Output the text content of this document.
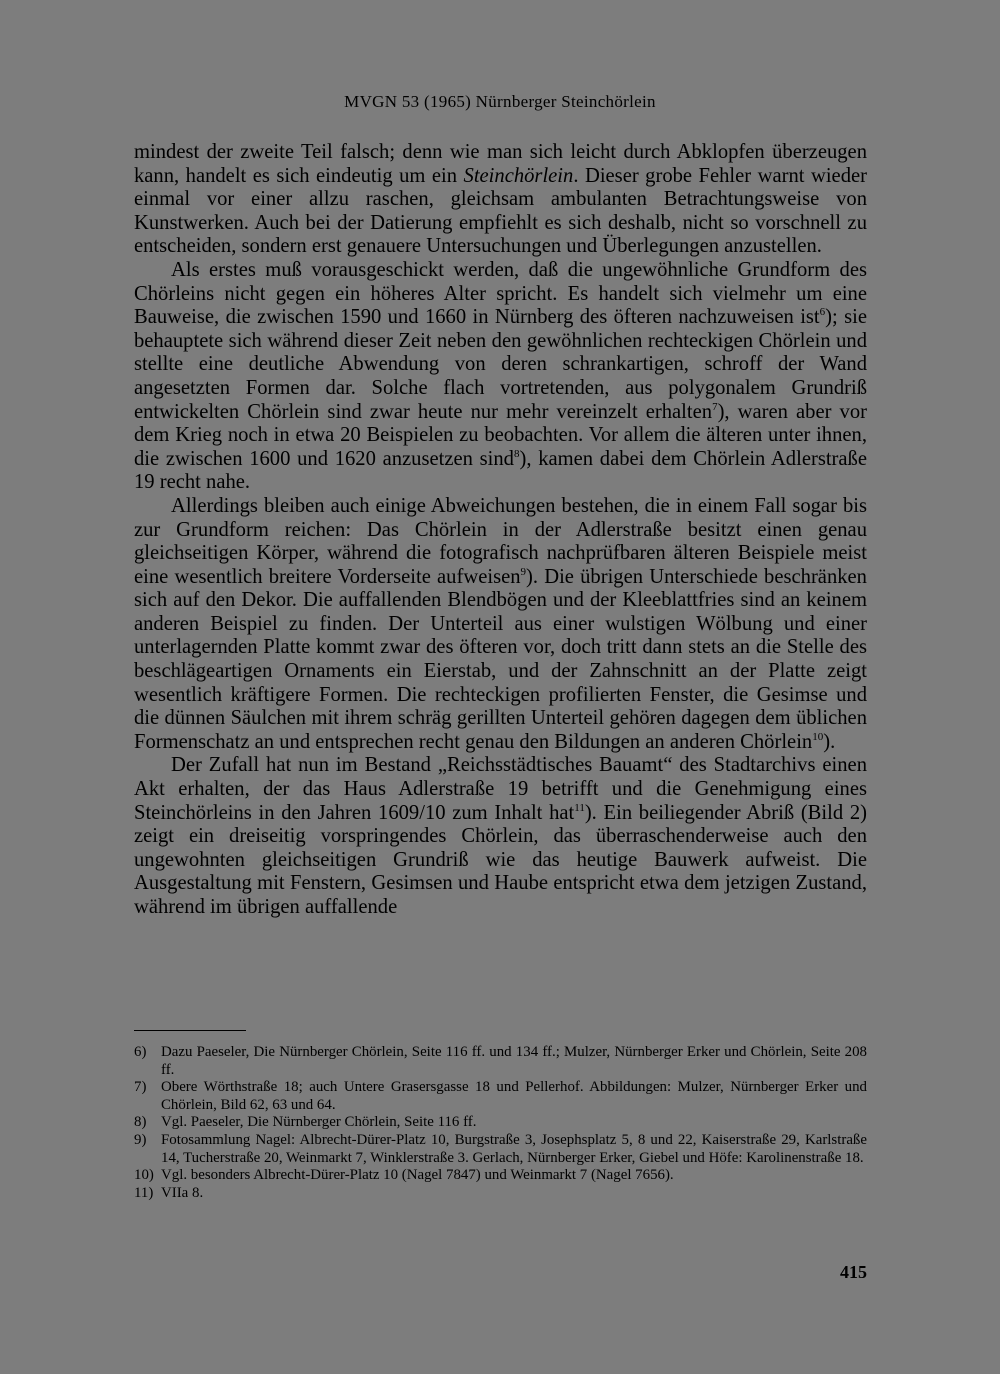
MVGN 53 (1965) Nürnberger Steinchörlein

mindest der zweite Teil falsch; denn wie man sich leicht durch Abklopfen überzeugen kann, handelt es sich eindeutig um ein Steinchörlein. Dieser grobe Fehler warnt wieder einmal vor einer allzu raschen, gleichsam ambulanten Betrachtungsweise von Kunstwerken. Auch bei der Datierung empfiehlt es sich deshalb, nicht so vorschnell zu entscheiden, sondern erst genauere Untersuchungen und Überlegungen anzustellen.

Als erstes muß vorausgeschickt werden, daß die ungewöhnliche Grundform des Chörleins nicht gegen ein höheres Alter spricht. Es handelt sich vielmehr um eine Bauweise, die zwischen 1590 und 1660 in Nürnberg des öfteren nachzuweisen ist$^6$); sie behauptete sich während dieser Zeit neben den gewöhnlichen rechteckigen Chörlein und stellte eine deutliche Abwendung von deren schrankartigen, schroff der Wand angesetzten Formen dar. Solche flach vortretenden, aus polygonalem Grundriß entwickelten Chörlein sind zwar heute nur mehr vereinzelt erhalten$^7$), waren aber vor dem Krieg noch in etwa 20 Beispielen zu beobachten. Vor allem die älteren unter ihnen, die zwischen 1600 und 1620 anzusetzen sind$^8$), kamen dabei dem Chörlein Adlerstraße 19 recht nahe.

Allerdings bleiben auch einige Abweichungen bestehen, die in einem Fall sogar bis zur Grundform reichen: Das Chörlein in der Adlerstraße besitzt einen genau gleichseitigen Körper, während die fotografisch nachprüfbaren älteren Beispiele meist eine wesentlich breitere Vorderseite aufweisen$^9$). Die übrigen Unterschiede beschränken sich auf den Dekor. Die auffallenden Blendbögen und der Kleeblattfries sind an keinem anderen Beispiel zu finden. Der Unterteil aus einer wulstigen Wölbung und einer unterlagernden Platte kommt zwar des öfteren vor, doch tritt dann stets an die Stelle des beschlägeartigen Ornaments ein Eierstab, und der Zahnschnitt an der Platte zeigt wesentlich kräftigere Formen. Die rechteckigen profilierten Fenster, die Gesimse und die dünnen Säulchen mit ihrem schräg gerillten Unterteil gehören dagegen dem üblichen Formenschatz an und entsprechen recht genau den Bildungen an anderen Chörlein$^{10}$).

Der Zufall hat nun im Bestand „Reichsstädtisches Bauamt“ des Stadtarchivs einen Akt erhalten, der das Haus Adlerstraße 19 betrifft und die Genehmigung eines Steinchörleins in den Jahren 1609/10 zum Inhalt hat$^{11}$). Ein beiliegender Abriß (Bild 2) zeigt ein dreiseitig vorspringendes Chörlein, das überraschenderweise auch den ungewohnten gleichseitigen Grundriß wie das heutige Bauwerk aufweist. Die Ausgestaltung mit Fenstern, Gesimsen und Haube entspricht etwa dem jetzigen Zustand, während im übrigen auffallende

6) Dazu Paeseler, Die Nürnberger Chörlein, Seite 116 ff. und 134 ff.; Mulzer, Nürnberger Erker und Chörlein, Seite 208 ff.
7) Obere Wörthstraße 18; auch Untere Grasersgasse 18 und Pellerhof. Abbildungen: Mulzer, Nürnberger Erker und Chörlein, Bild 62, 63 und 64.
8) Vgl. Paeseler, Die Nürnberger Chörlein, Seite 116 ff.
9) Fotosammlung Nagel: Albrecht-Dürer-Platz 10, Burgstraße 3, Josephsplatz 5, 8 und 22, Kaiserstraße 29, Karlstraße 14, Tucherstraße 20, Weinmarkt 7, Winklerstraße 3. Gerlach, Nürnberger Erker, Giebel und Höfe: Karolinenstraße 18.
10) Vgl. besonders Albrecht-Dürer-Platz 10 (Nagel 7847) und Weinmarkt 7 (Nagel 7656).
11) VIIa 8.
415
